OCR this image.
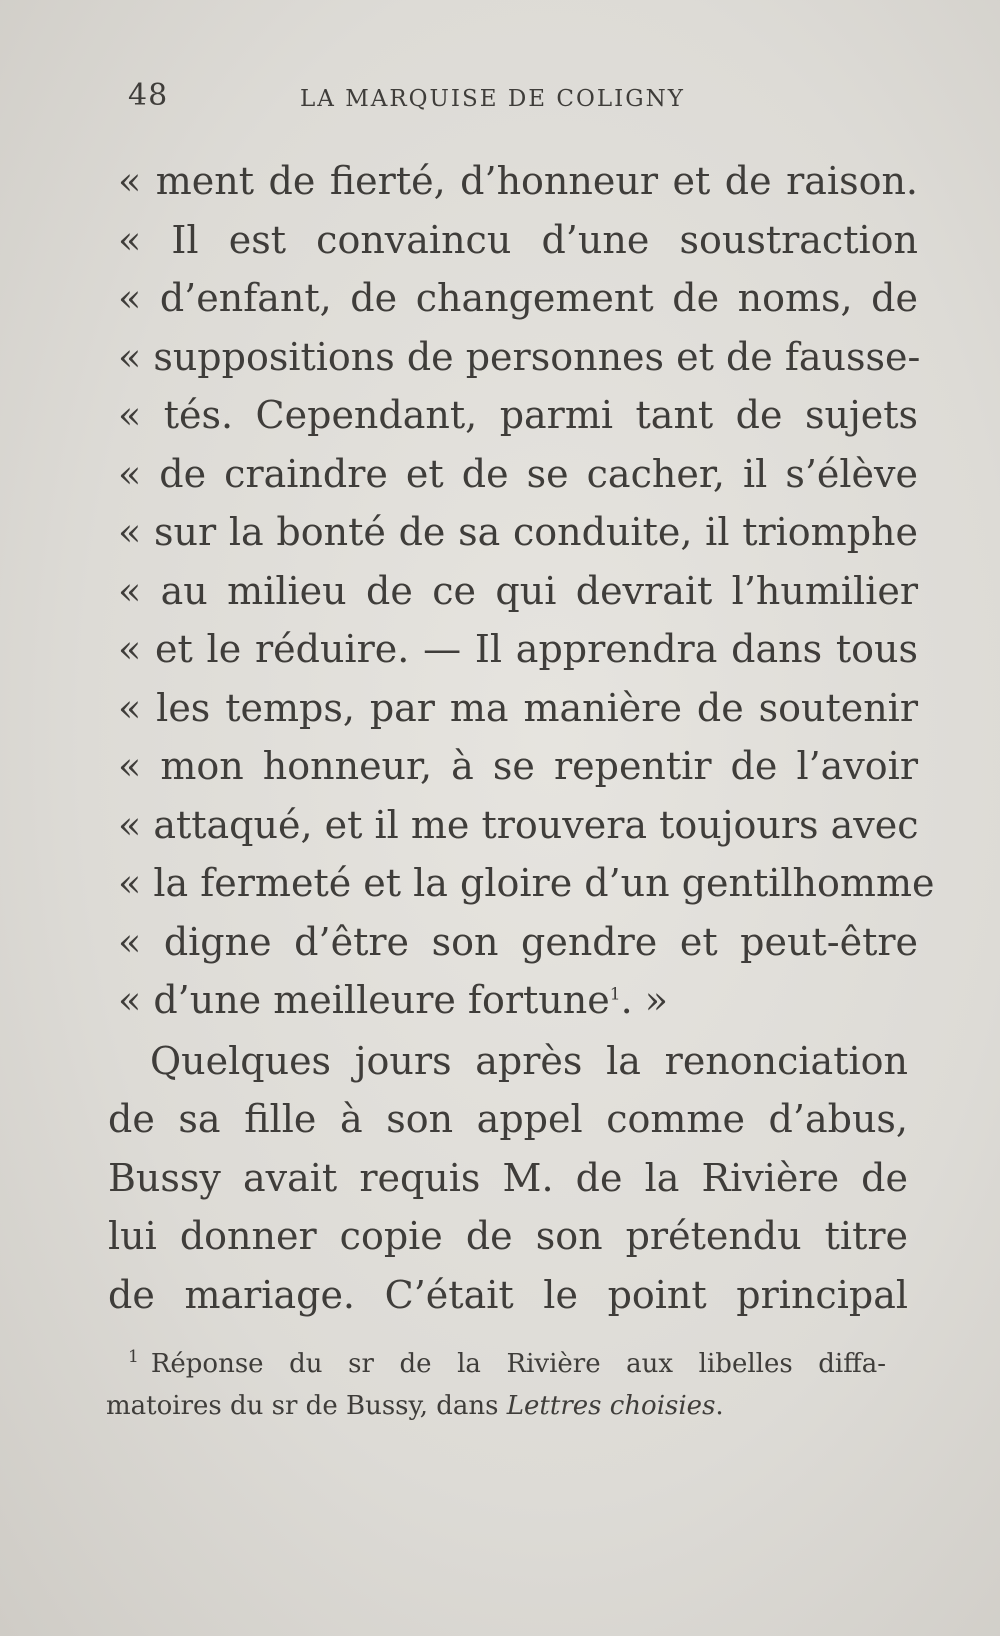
48	LA MARQUISE DE COLIGNY
« ment de fierté, d’honneur et de raison.
« Il est convaincu d’une soustraction
« d’enfant, de changement de noms, de
« suppositions de personnes et de fausse-
« tés. Cependant, parmi tant de sujets
« de craindre et de se cacher, il s’élève
« sur la bonté de sa conduite, il triomphe
« au milieu de ce qui devrait l’humilier
« et le réduire. — Il apprendra dans tous
« les temps, par ma manière de soutenir
« mon honneur, à se repentir de l’avoir
« attaqué, et il me trouvera toujours avec
« la fermeté et la gloire d’un gentilhomme
« digne d’être son gendre et peut-être
« d’une meilleure fortune$^1$. »
Quelques jours après la renonciation
de sa fille à son appel comme d’abus,
Bussy avait requis M. de la Rivière de
lui donner copie de son prétendu titre
de mariage. C’était le point principal
$^1$ Réponse du sr de la Rivière aux libelles diffa-
matoires du sr de Bussy, dans Lettres choisies.
